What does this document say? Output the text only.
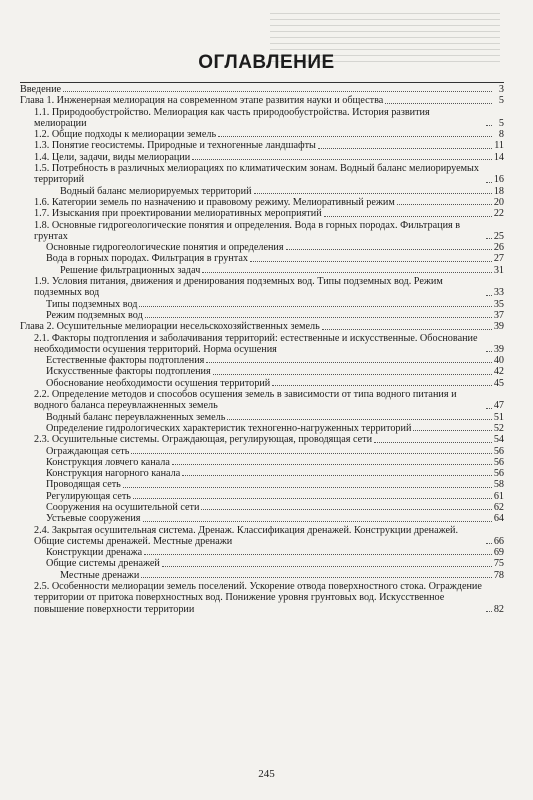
ОГЛАВЛЕНИЕ
Введение	3
Глава 1. Инженерная мелиорация на современном этапе развития науки и общества	5
1.1. Природообустройство. Мелиорация как часть природообустройства. История развития мелиорации	5
1.2. Общие подходы к мелиорации земель	8
1.3. Понятие геосистемы. Природные и техногенные ландшафты	11
1.4. Цели, задачи, виды мелиорации	14
1.5. Потребность в различных мелиорациях по климатическим зонам. Водный баланс мелиорируемых территорий	16
Водный баланс мелиорируемых территорий	18
1.6. Категории земель по назначению и правовому режиму. Мелиоративный режим	20
1.7. Изыскания при проектировании мелиоративных мероприятий	22
1.8. Основные гидрогеологические понятия и определения. Вода в горных породах. Фильтрация в грунтах	25
Основные гидрогеологические понятия и определения	26
Вода в горных породах. Фильтрация в грунтах	27
Решение фильтрационных задач	31
1.9. Условия питания, движения и дренирования подземных вод. Типы подземных вод. Режим подземных вод	33
Типы подземных вод	35
Режим подземных вод	37
Глава 2. Осушительные мелиорации несельскохозяйственных земель	39
2.1. Факторы подтопления и заболачивания территорий: естественные и искусственные. Обоснование необходимости осушения территорий. Норма осушения	39
Естественные факторы подтопления	40
Искусственные факторы подтопления	42
Обоснование необходимости осушения территорий	45
2.2. Определение методов и способов осушения земель в зависимости от типа водного питания и водного баланса переувлажненных земель	47
Водный баланс переувлажненных земель	51
Определение гидрологических характеристик техногенно-нагруженных территорий	52
2.3. Осушительные системы. Ограждающая, регулирующая, проводящая сети	54
Ограждающая сеть	56
Конструкция ловчего канала	56
Конструкция нагорного канала	56
Проводящая сеть	58
Регулирующая сеть	61
Сооружения на осушительной сети	62
Устьевые сооружения	64
2.4. Закрытая осушительная система. Дренаж. Классификация дренажей. Конструкции дренажей. Общие системы дренажей. Местные дренажи	66
Конструкции дренажа	69
Общие системы дренажей	75
Местные дренажи	78
2.5. Особенности мелиорации земель поселений. Ускорение отвода поверхностного стока. Ограждение территории от притока поверхностных вод. Понижение уровня грунтовых вод. Искусственное повышение поверхности территории	82
245
